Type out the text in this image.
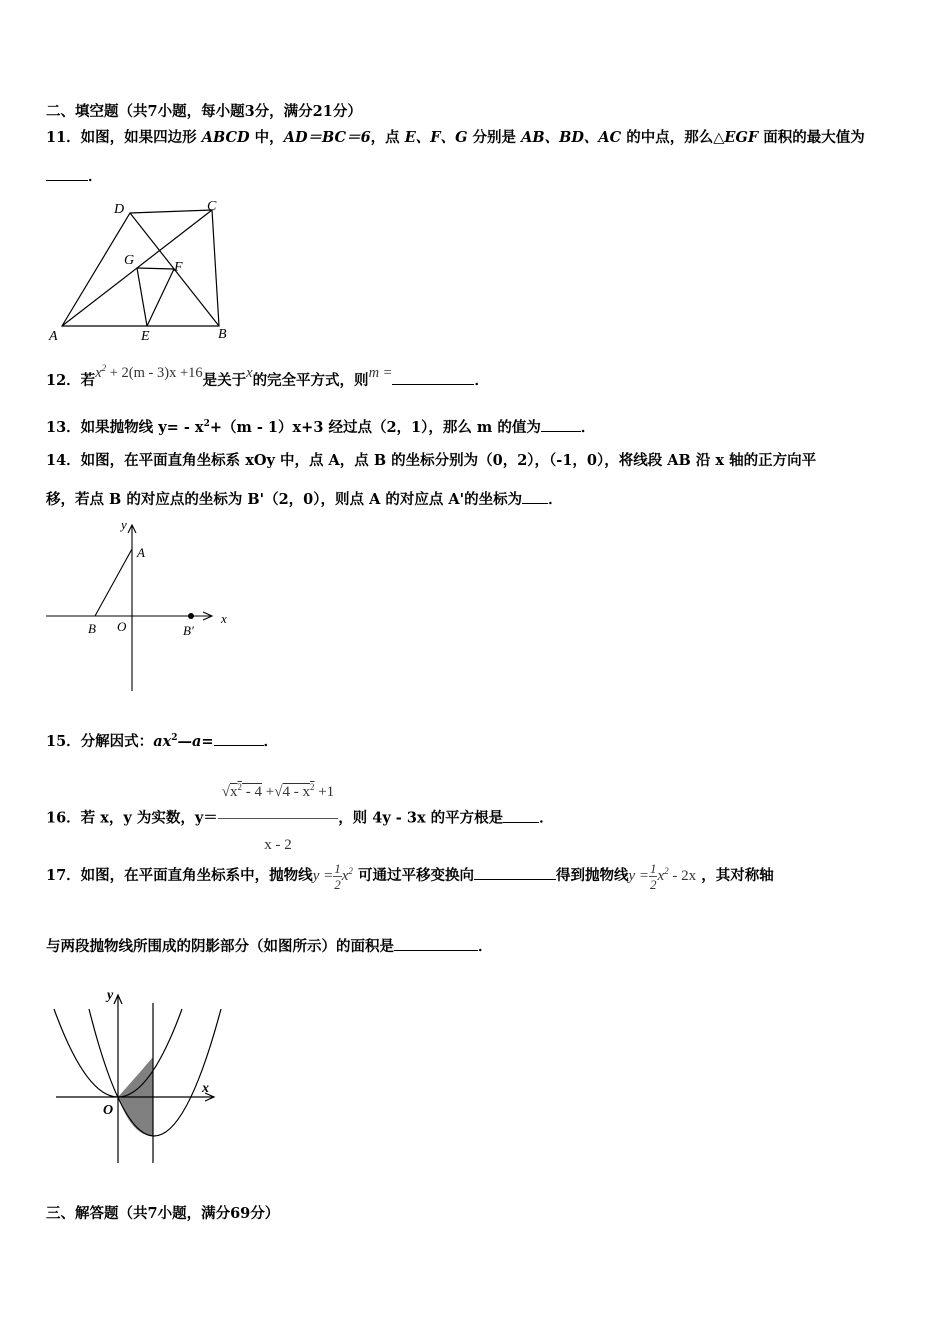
二、填空题（共7小题，每小题3分，满分21分）
11．如图，如果四边形 ABCD 中，AD＝BC＝6，点 E、F、G 分别是 AB、BD、AC 的中点，那么△EGF 面积的最大值为
．
D	C
G	F
A	E	B
12．若$x^2 + 2(m - 3)x +16$是关于x的完全平方式，则m =	．
13．如果抛物线 $y= - x^2+(m - 1)x+3$ 经过点（2，1），那么 m 的值为	．
14．如图，在平面直角坐标系 xOy 中，点 A，点 B 的坐标分别为（0，2），（-1，0），将线段 AB 沿 x 轴的正方向平
移，若点 B 的对应点的坐标为 B'（2，0），则点 A 的对应点 A'的坐标为 ．
y
A
B O	B′
x
15．分解因式：$ax^2—a=$	．
16．若 x，y 为实数，$y= \frac{√x^2 - 4 +√4 - x^2 +1}{x - 2}$ ，则 4y - 3x 的平方根是 ．
17．如图，在平面直角坐标系中，抛物线$y = \frac{1}{2} x^2$ 可通过平移变换向	得到抛物线$y = \frac{1}{2} x^2 - 2x$ ，其对称轴
与两段抛物线所围成的阴影部分（如图所示）的面积是	．
y
x
O
三、解答题（共7小题，满分69分）
